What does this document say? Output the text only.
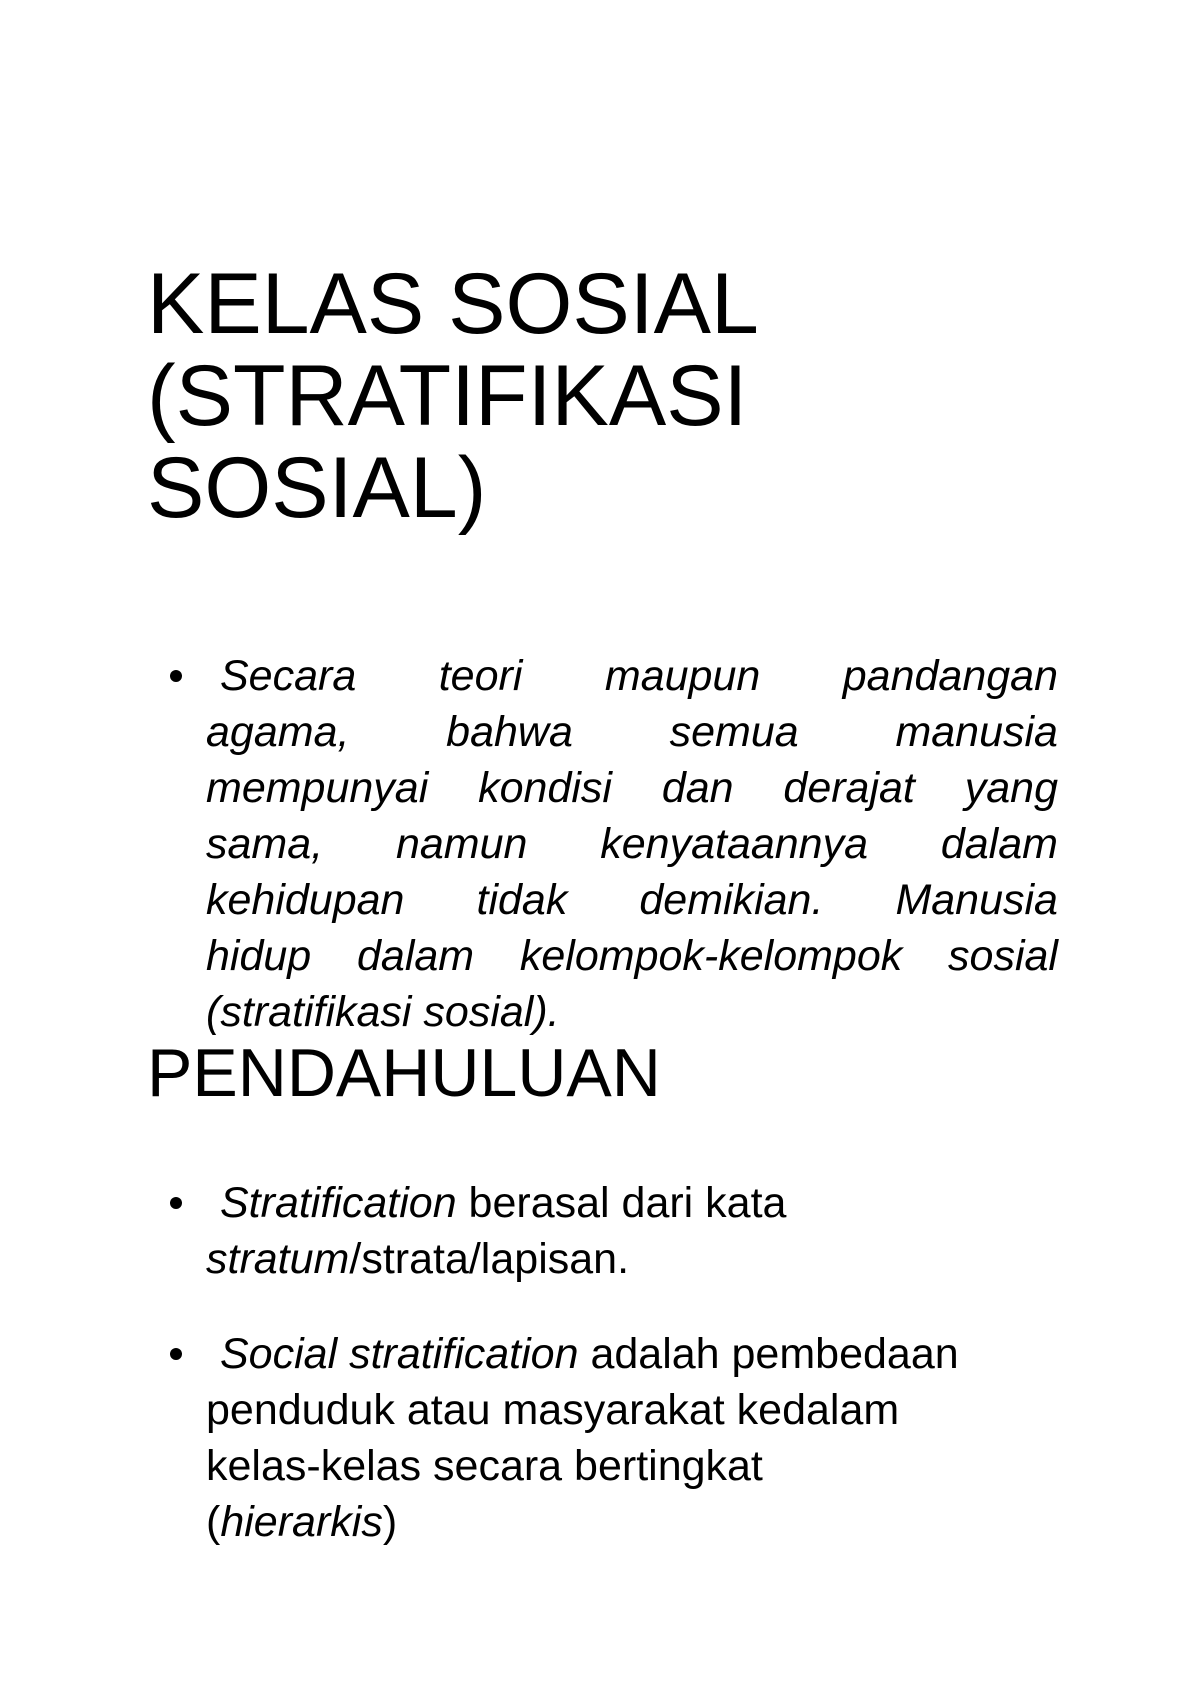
KELAS SOSIAL
(STRATIFIKASI
SOSIAL)
Secara teori maupun pandangan
agama, bahwa semua manusia
mempunyai kondisi dan derajat yang
sama, namun kenyataannya dalam
kehidupan tidak demikian. Manusia
hidup dalam kelompok-kelompok sosial
(stratifikasi
sosial).
PENDAHULUAN
Stratification berasal dari kata
stratum/strata/lapisan.
Social stratification adalah pembedaan
penduduk atau masyarakat kedalam
kelas-kelas secara bertingkat
(hierarkis)
